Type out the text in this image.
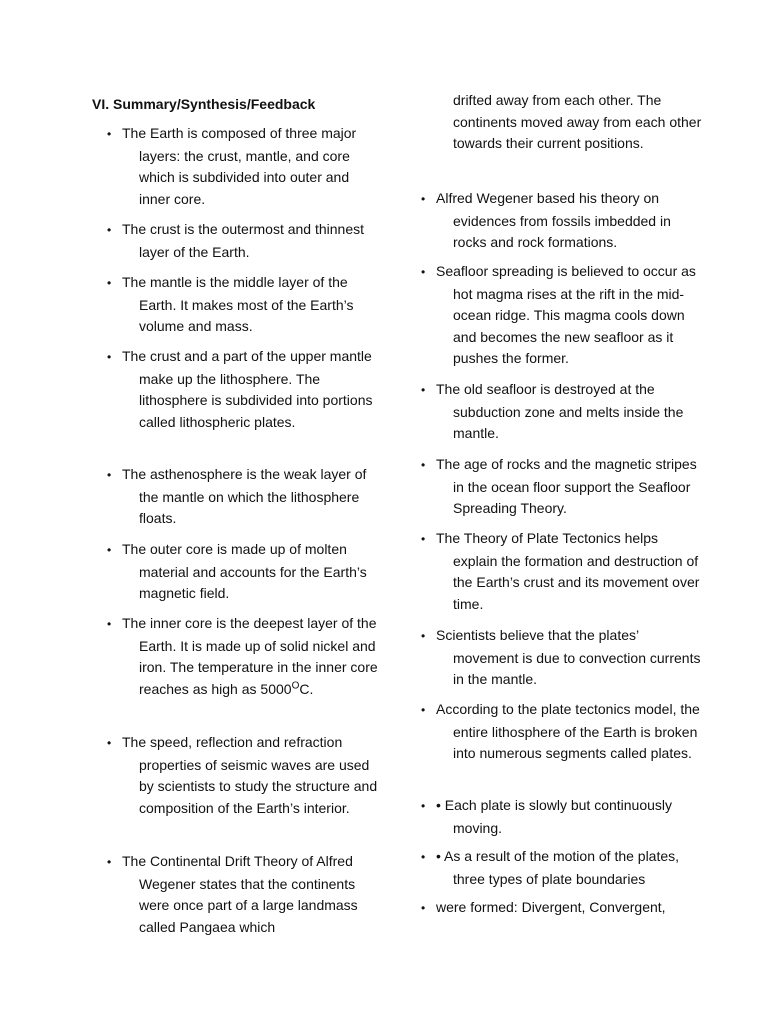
VI. Summary/Synthesis/Feedback
• The Earth is composed of three major layers: the crust, mantle, and core which is subdivided into outer and inner core.
• The crust is the outermost and thinnest layer of the Earth.
• The mantle is the middle layer of the Earth. It makes most of the Earth’s volume and mass.
• The crust and a part of the upper mantle make up the lithosphere. The lithosphere is subdivided into portions called lithospheric plates.
• The asthenosphere is the weak layer of the mantle on which the lithosphere floats.
• The outer core is made up of molten material and accounts for the Earth’s magnetic field.
• The inner core is the deepest layer of the Earth. It is made up of solid nickel and iron. The temperature in the inner core reaches as high as $5000^OC$.
• The speed, reflection and refraction properties of seismic waves are used by scientists to study the structure and composition of the Earth’s interior.
• The Continental Drift Theory of Alfred Wegener states that the continents were once part of a large landmass called Pangaea which

drifted away from each other. The continents moved away from each other towards their current positions.

• Alfred Wegener based his theory on evidences from fossils imbedded in rocks and rock formations.
• Seafloor spreading is believed to occur as hot magma rises at the rift in the mid-ocean ridge. This magma cools down and becomes the new seafloor as it pushes the former.
• The old seafloor is destroyed at the subduction zone and melts inside the mantle.
• The age of rocks and the magnetic stripes in the ocean floor support the Seafloor Spreading Theory.
• The Theory of Plate Tectonics helps explain the formation and destruction of the Earth’s crust and its movement over time.
• Scientists believe that the plates’ movement is due to convection currents in the mantle.
• According to the plate tectonics model, the entire lithosphere of the Earth is broken into numerous segments called plates.
• • Each plate is slowly but continuously moving.
• • As a result of the motion of the plates, three types of plate boundaries
• were formed: Divergent, Convergent,
